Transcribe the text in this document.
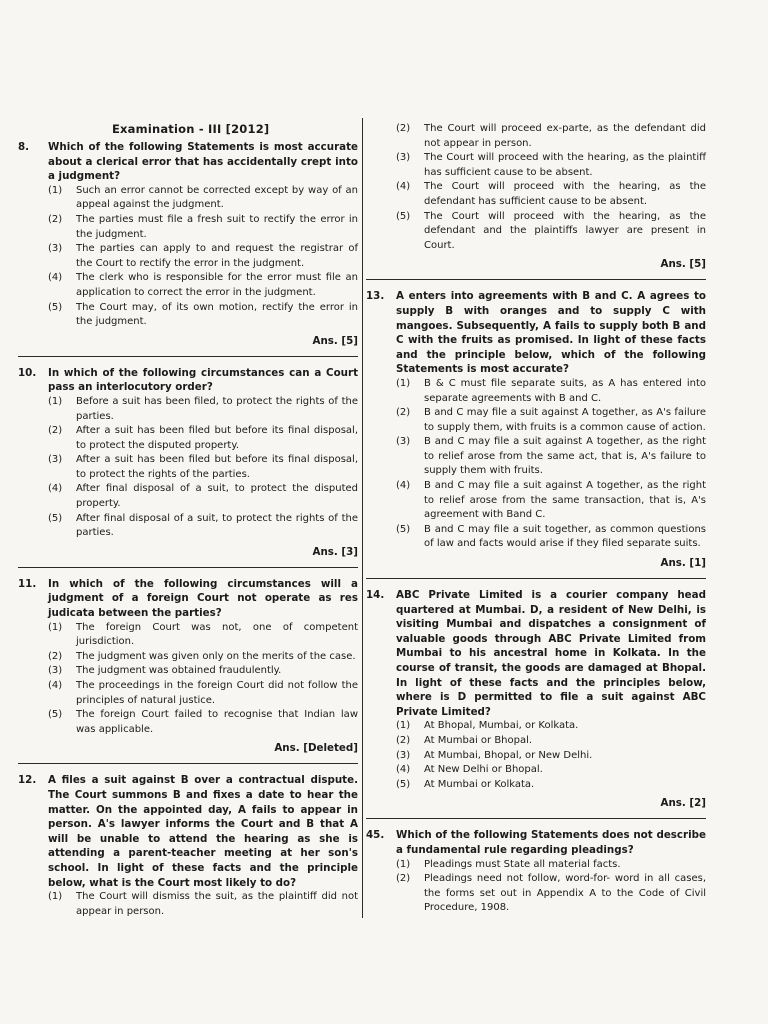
Examination - III [2012]
8.	Which of the following Statements is most accurate about a clerical error that has accidentally crept into a judgment?
(1)	Such an error cannot be corrected except by way of an appeal against the judgment.
(2)	The parties must file a fresh suit to rectify the error in the judgment.
(3)	The parties can apply to and request the registrar of the Court to rectify the error in the judgment.
(4)	The clerk who is responsible for the error must file an application to correct the error in the judgment.
(5)	The Court may, of its own motion, rectify the error in the judgment.
Ans. [5]
10.	In which of the following circumstances can a Court pass an interlocutory order?
(1)	Before a suit has been filed, to protect the rights of the parties.
(2)	After a suit has been filed but before its final disposal, to protect the disputed property.
(3)	After a suit has been filed but before its final disposal, to protect the rights of the parties.
(4)	After final disposal of a suit, to protect the disputed property.
(5)	After final disposal of a suit, to protect the rights of the parties.
Ans. [3]
11.	In which of the following circumstances will a judgment of a foreign Court not operate as res judicata between the parties?
(1)	The foreign Court was not, one of competent jurisdiction.
(2)	The judgment was given only on the merits of the case.
(3)	The judgment was obtained fraudulently.
(4)	The proceedings in the foreign Court did not follow the principles of natural justice.
(5)	The foreign Court failed to recognise that Indian law was applicable.
Ans. [Deleted]
12.	A files a suit against B over a contractual dispute. The Court summons B and fixes a date to hear the matter. On the appointed day, A fails to appear in person. A's lawyer informs the Court and B that A will be unable to attend the hearing as she is attending a parent-teacher meeting at her son's school. In light of these facts and the principle below, what is the Court most likely to do?
(1)	The Court will dismiss the suit, as the plaintiff did not appear in person.
(2)	The Court will proceed ex-parte, as the defendant did not appear in person.
(3)	The Court will proceed with the hearing, as the plaintiff has sufficient cause to be absent.
(4)	The Court will proceed with the hearing, as the defendant has sufficient cause to be absent.
(5)	The Court will proceed with the hearing, as the defendant and the plaintiffs lawyer are present in Court.
Ans. [5]
13.	A enters into agreements with B and C. A agrees to supply B with oranges and to supply C with mangoes. Subsequently, A fails to supply both B and C with the fruits as promised. In light of these facts and the principle below, which of the following Statements is most accurate?
(1)	B & C must file separate suits, as A has entered into separate agreements with B and C.
(2)	B and C may file a suit against A together, as A's failure to supply them, with fruits is a common cause of action.
(3)	B and C may file a suit against A together, as the right to relief arose from the same act, that is, A's failure to supply them with fruits.
(4)	B and C may file a suit against A together, as the right to relief arose from the same transaction, that is, A's agreement with Band C.
(5)	B and C may file a suit together, as common questions of law and facts would arise if they filed separate suits.
Ans. [1]
14.	ABC Private Limited is a courier company head quartered at Mumbai. D, a resident of New Delhi, is visiting Mumbai and dispatches a consignment of valuable goods through ABC Private Limited from Mumbai to his ancestral home in Kolkata. In the course of transit, the goods are damaged at Bhopal. In light of these facts and the principles below, where is D permitted to file a suit against ABC Private Limited?
(1)	At Bhopal, Mumbai, or Kolkata.
(2)	At Mumbai or Bhopal.
(3)	At Mumbai, Bhopal, or New Delhi.
(4)	At New Delhi or Bhopal.
(5)	At Mumbai or Kolkata.
Ans. [2]
45.	Which of the following Statements does not describe a fundamental rule regarding pleadings?
(1)	Pleadings must State all material facts.
(2)	Pleadings need not follow, word-for- word in all cases, the forms set out in Appendix A to the Code of Civil Procedure, 1908.
